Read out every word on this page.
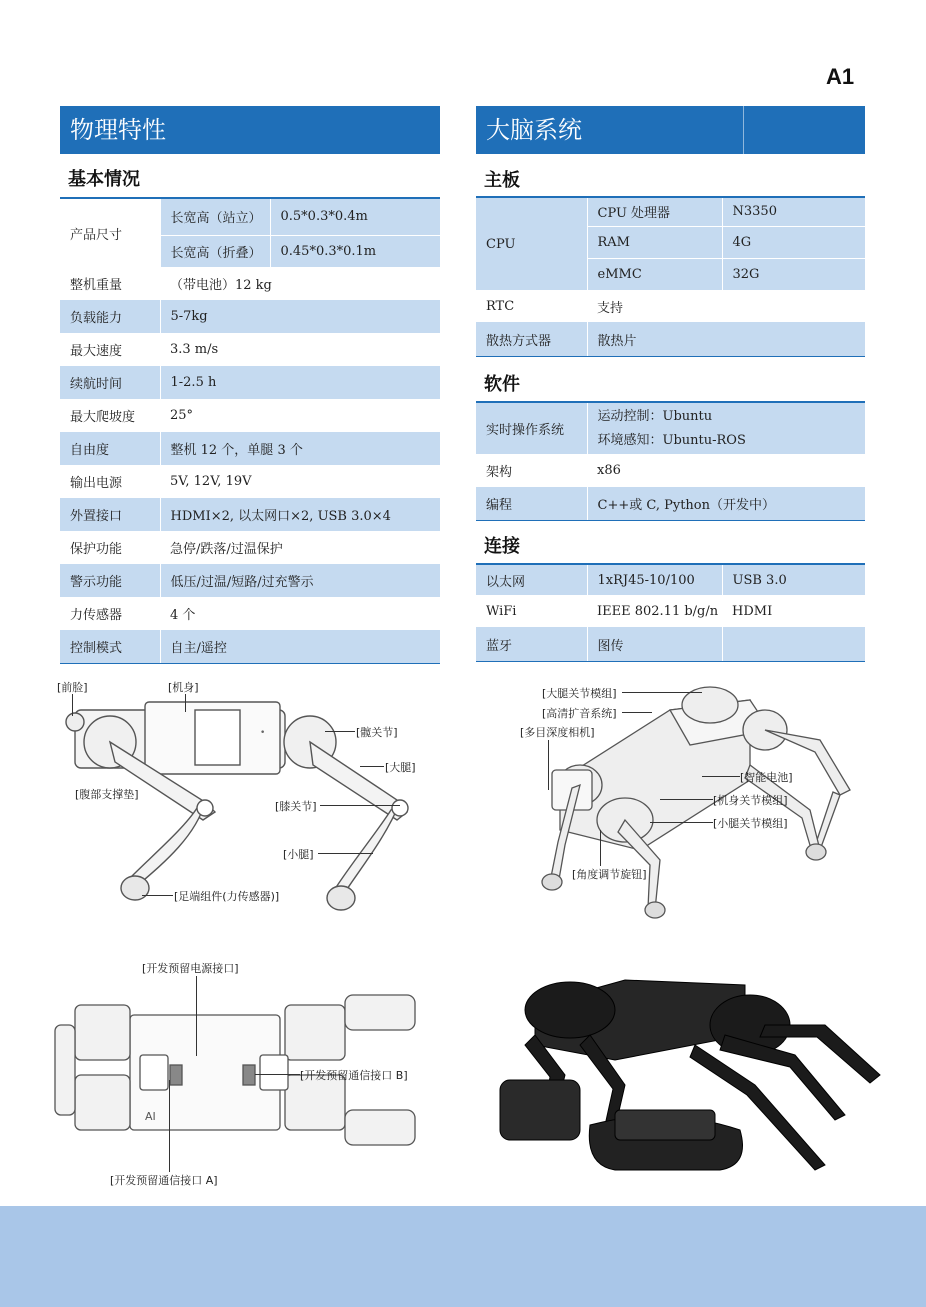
A1
物理特性
基本情况
产品尺寸	长宽高（站立）	0.5*0.3*0.4m
	长宽高（折叠）	0.45*0.3*0.1m
整机重量	（带电池）12 kg	
负载能力	5-7kg	
最大速度	3.3 m/s	
续航时间	1-2.5 h	
最大爬坡度	25°	
自由度	整机 12 个，单腿 3 个	
输出电源	5V, 12V, 19V	
外置接口	HDMI×2, 以太网口×2, USB 3.0×4	
保护功能	急停/跌落/过温保护	
警示功能	低压/过温/短路/过充警示	
力传感器	4 个	
控制模式	自主/遥控	
大脑系统
主板
CPU	CPU 处理器	N3350
	RAM	4G
	eMMC	32G
RTC	支持	
散热方式器	散热片	
软件
实时操作系统	运动控制：Ubuntu
环境感知：Ubuntu-ROS

架构	x86
编程	C++或 C, Python（开发中）
连接
以太网	1xRJ45-10/100	USB 3.0
WiFi	IEEE 802.11 b/g/n	HDMI
蓝牙	图传	
•
[前脸]	[机身]
[髋关节]
[大腿]
[腹部支撑垫]
[膝关节]
[小腿]
[足端组件(力传感器)]
[大腿关节模组]
[高清扩音系统]
[多目深度相机]
[智能电池]
[机身关节模组]
[小腿关节模组]
[角度调节旋钮]
AI
[开发预留电源接口]
[开发预留通信接口 B]
[开发预留通信接口 A]
